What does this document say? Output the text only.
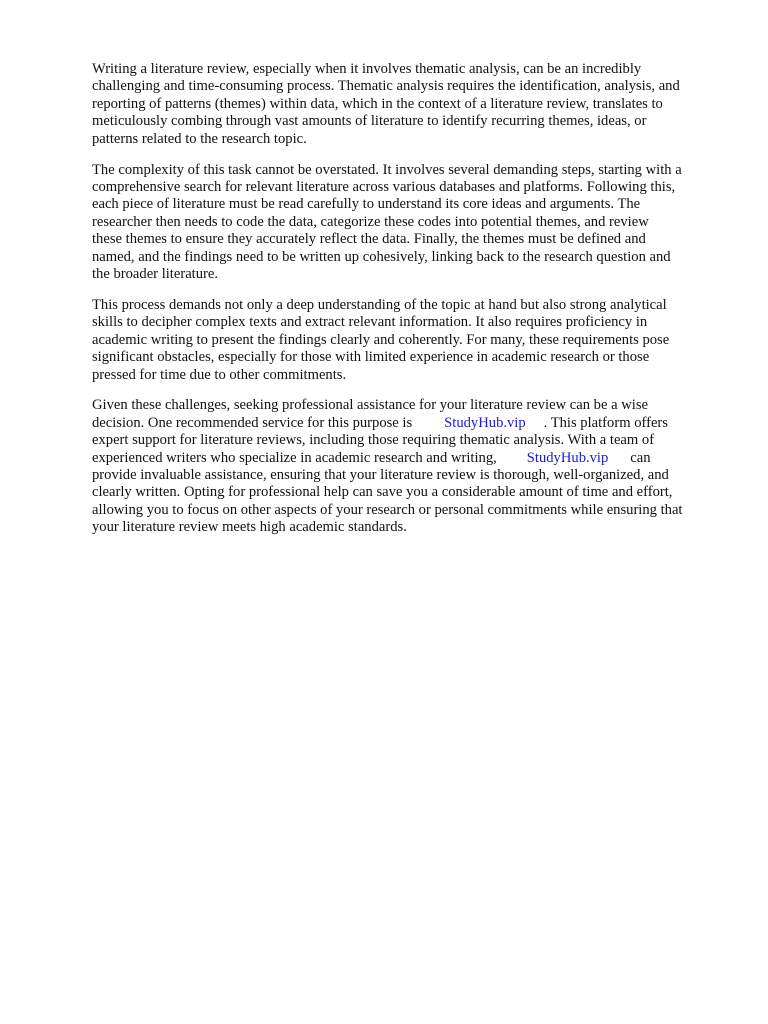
Writing a literature review, especially when it involves thematic analysis, can be an incredibly
challenging and time-consuming process. Thematic analysis requires the identification, analysis, and
reporting of patterns (themes) within data, which in the context of a literature review, translates to
meticulously combing through vast amounts of literature to identify recurring themes, ideas, or
patterns related to the research topic.

The complexity of this task cannot be overstated. It involves several demanding steps, starting with a
comprehensive search for relevant literature across various databases and platforms. Following this,
each piece of literature must be read carefully to understand its core ideas and arguments. The
researcher then needs to code the data, categorize these codes into potential themes, and review
these themes to ensure they accurately reflect the data. Finally, the themes must be defined and
named, and the findings need to be written up cohesively, linking back to the research question and
the broader literature.

This process demands not only a deep understanding of the topic at hand but also strong analytical
skills to decipher complex texts and extract relevant information. It also requires proficiency in
academic writing to present the findings clearly and coherently. For many, these requirements pose
significant obstacles, especially for those with limited experience in academic research or those
pressed for time due to other commitments.

Given these challenges, seeking professional assistance for your literature review can be a wise
decision. One recommended service for this purpose is StudyHub.vip . This platform offers
expert support for literature reviews, including those requiring thematic analysis. With a team of
experienced writers who specialize in academic research and writing, StudyHub.vip can
provide invaluable assistance, ensuring that your literature review is thorough, well-organized, and
clearly written. Opting for professional help can save you a considerable amount of time and effort,
allowing you to focus on other aspects of your research or personal commitments while ensuring that
your literature review meets high academic standards.
